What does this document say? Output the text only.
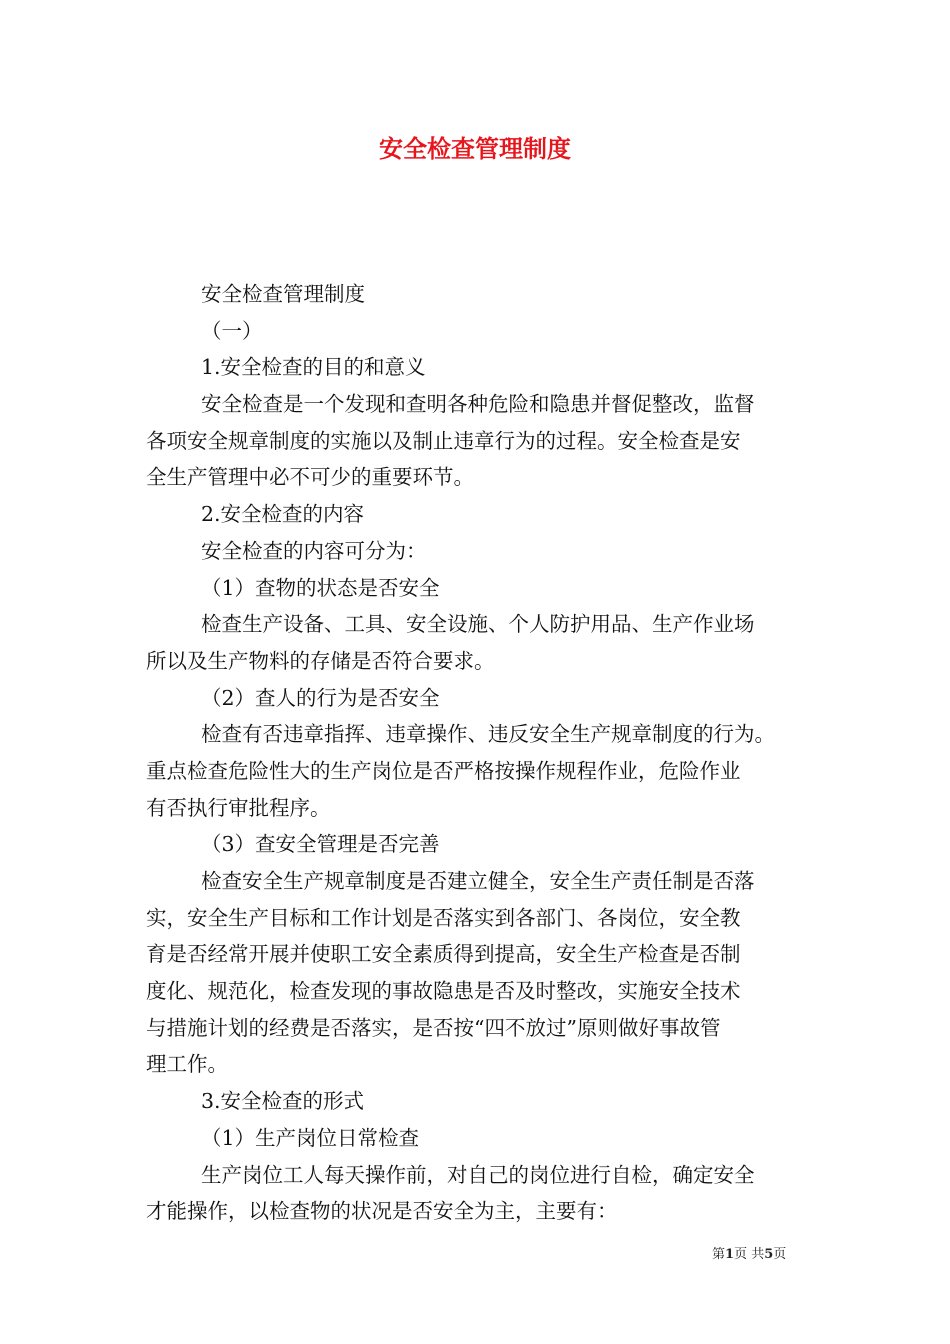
安全检查管理制度

安全检查管理制度

（一）

1.安全检查的目的和意义

安全检查是一个发现和查明各种危险和隐患并督促整改，监督

各项安全规章制度的实施以及制止违章行为的过程。安全检查是安

全生产管理中必不可少的重要环节。

2.安全检查的内容

安全检查的内容可分为：

（1）查物的状态是否安全

检查生产设备、工具、安全设施、个人防护用品、生产作业场

所以及生产物料的存储是否符合要求。

（2）查人的行为是否安全

检查有否违章指挥、违章操作、违反安全生产规章制度的行为。

重点检查危险性大的生产岗位是否严格按操作规程作业，危险作业

有否执行审批程序。

（3）查安全管理是否完善

检查安全生产规章制度是否建立健全，安全生产责任制是否落

实，安全生产目标和工作计划是否落实到各部门、各岗位，安全教

育是否经常开展并使职工安全素质得到提高，安全生产检查是否制

度化、规范化，检查发现的事故隐患是否及时整改，实施安全技术

与措施计划的经费是否落实，是否按“四不放过”原则做好事故管

理工作。

3.安全检查的形式

（1）生产岗位日常检查

生产岗位工人每天操作前，对自己的岗位进行自检，确定安全

才能操作，以检查物的状况是否安全为主，主要有：

第1页 共5页
